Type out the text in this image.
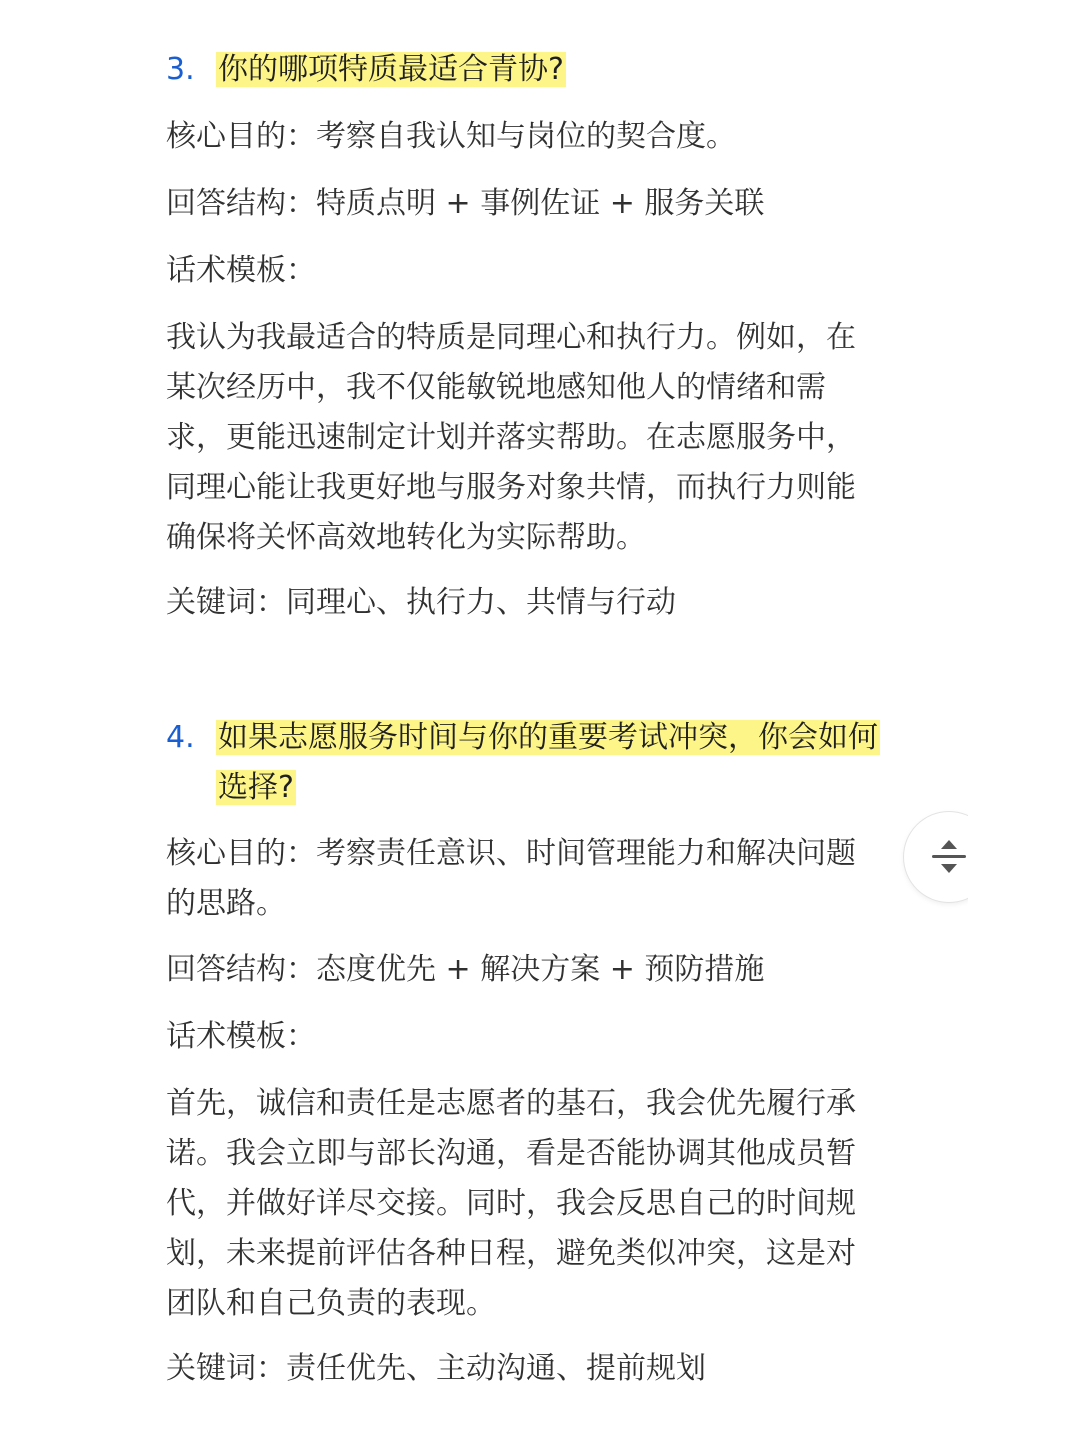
3. 你的哪项特质最适合青协?
核心目的：考察自我认知与岗位的契合度。
回答结构：特质点明 + 事例佐证 + 服务关联
话术模板：
我认为我最适合的特质是同理心和执行力。例如，在
某次经历中，我不仅能敏锐地感知他人的情绪和需
求，更能迅速制定计划并落实帮助。在志愿服务中，
同理心能让我更好地与服务对象共情，而执行力则能
确保将关怀高效地转化为实际帮助。
关键词：同理心、执行力、共情与行动
4. 如果志愿服务时间与你的重要考试冲突，你会如何
选择?
核心目的：考察责任意识、时间管理能力和解决问题
的思路。
回答结构：态度优先 + 解决方案 + 预防措施
话术模板：
首先，诚信和责任是志愿者的基石，我会优先履行承
诺。我会立即与部长沟通，看是否能协调其他成员暂
代，并做好详尽交接。同时，我会反思自己的时间规
划，未来提前评估各种日程，避免类似冲突，这是对
团队和自己负责的表现。
关键词：责任优先、主动沟通、提前规划
